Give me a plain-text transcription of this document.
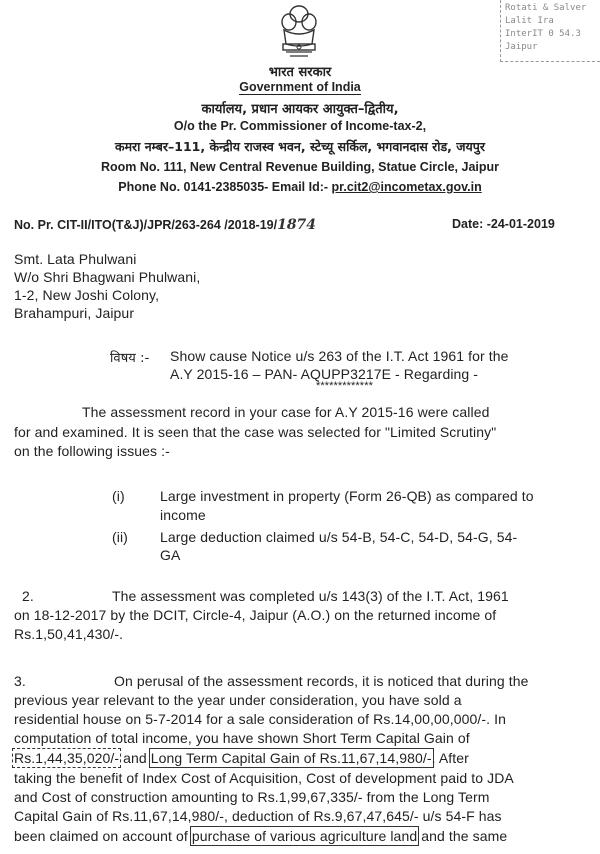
Rotati & Salver
Lalit Ira
InterIT 0 54.3
Jaipur
भारत सरकार
Government of India
कार्यालय, प्रधान आयकर आयुक्त–द्वितीय,
O/o the Pr. Commissioner of Income-tax-2,
कमरा नम्बर–111, केन्द्रीय राजस्व भवन, स्टेच्यू सर्किल, भगवानदास रोड, जयपुर
Room No. 111, New Central Revenue Building, Statue Circle, Jaipur
Phone No. 0141-2385035- Email Id:- pr.cit2@incometax.gov.in
No. Pr. CIT-II/ITO(T&J)/JPR/263-264 /2018-19/1874	Date: -24-01-2019
Smt. Lata Phulwani
W/o Shri Bhagwani Phulwani,
1-2, New Joshi Colony,
Brahampuri, Jaipur
विषय :- Show cause Notice u/s 263 of the I.T. Act 1961 for the
A.Y 2015-16 – PAN- AQUPP3217E - Regarding -
*************
The assessment record in your case for A.Y 2015-16 were called
for and examined. It is seen that the case was selected for "Limited Scrutiny"
on the following issues :-
(i)	Large investment in property (Form 26-QB) as compared to
income
(ii) Large deduction claimed u/s 54-B, 54-C, 54-D, 54-G, 54-
GA
2.	The assessment was completed u/s 143(3) of the I.T. Act, 1961
on 18-12-2017 by the DCIT, Circle-4, Jaipur (A.O.) on the returned income of
Rs.1,50,41,430/-.
3.	On perusal of the assessment records, it is noticed that during the
previous year relevant to the year under consideration, you have sold a
residential house on 5-7-2014 for a sale consideration of Rs.14,00,00,000/-. In
computation of total income, you have shown Short Term Capital Gain of
Rs.1,44,35,020/- and Long Term Capital Gain of Rs.11,67,14,980/-. After
taking the benefit of Index Cost of Acquisition, Cost of development paid to JDA
and Cost of construction amounting to Rs.1,99,67,335/- from the Long Term
Capital Gain of Rs.11,67,14,980/-, deduction of Rs.9,67,47,645/- u/s 54-F has
been claimed on account of purchase of various agriculture land and the same
